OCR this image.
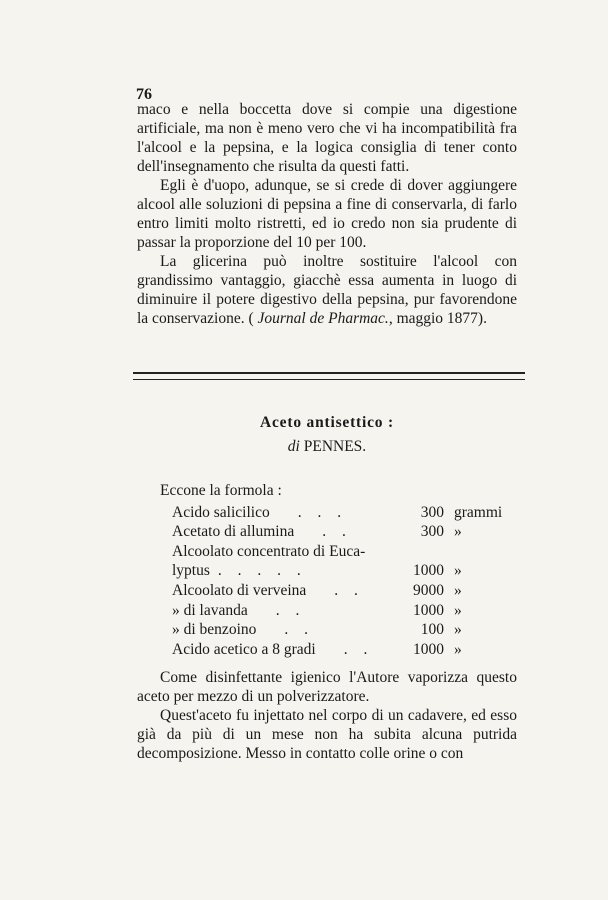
76

maco e nella boccetta dove si compie una digestione artificiale, ma non è meno vero che vi ha incompatibilità fra l'alcool e la pepsina, e la logica consiglia di tener conto dell'insegnamento che risulta da questi fatti.

Egli è d'uopo, adunque, se si crede di dover aggiungere alcool alle soluzioni di pepsina a fine di conservarla, di farlo entro limiti molto ristretti, ed io credo non sia prudente di passar la proporzione del 10 per 100.

La glicerina può inoltre sostituire l'alcool con grandissimo vantaggio, giacchè essa aumenta in luogo di diminuire il potere digestivo della pepsina, pur favorendone la conservazione. ( Journal de Pharmac., maggio 1877).

Aceto antisettico :
di PENNES.
Eccone la formola :
Acido salicilico . . .	300	grammi
Acetato di allumina . .	300	»
Alcoolato concentrato di Euca-		
lyptus . . . . .	1000	»
Alcoolato di verveina . .	9000	»
» di lavanda . .	1000	»
» di benzoino . .	100	»
Acido acetico a 8 gradi . .	1000	»

Come disinfettante igienico l'Autore vaporizza questo aceto per mezzo di un polverizzatore.

Quest'aceto fu injettato nel corpo di un cadavere, ed esso già da più di un mese non ha subita alcuna putrida decomposizione. Messo in contatto colle orine o con
